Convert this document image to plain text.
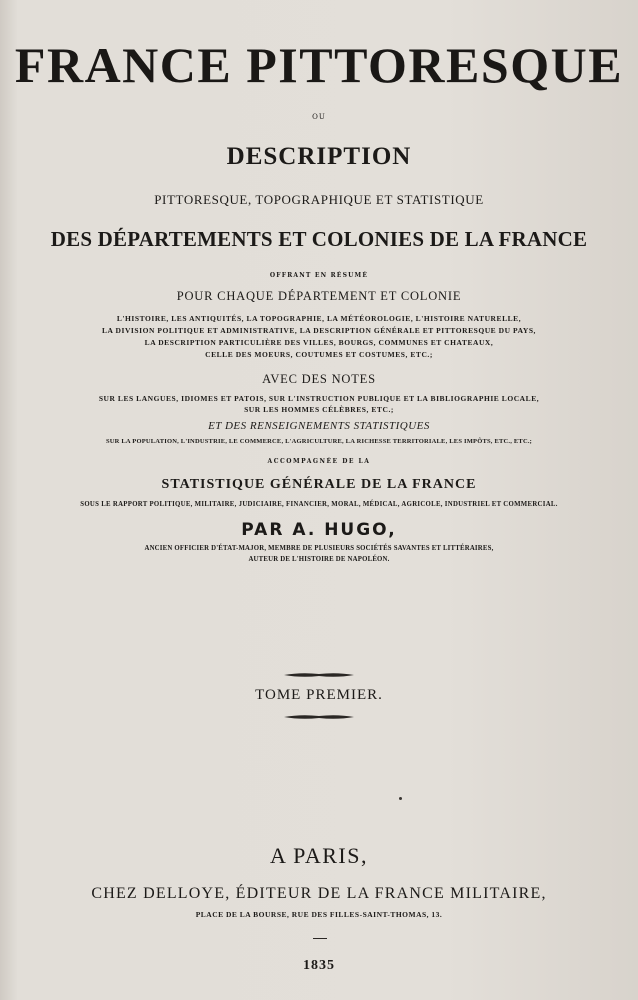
FRANCE PITTORESQUE
OU
DESCRIPTION
PITTORESQUE, TOPOGRAPHIQUE ET STATISTIQUE
DES DÉPARTEMENTS ET COLONIES DE LA FRANCE
OFFRANT EN RÉSUMÉ
POUR CHAQUE DÉPARTEMENT ET COLONIE
L'HISTOIRE, LES ANTIQUITÉS, LA TOPOGRAPHIE, LA MÉTÉOROLOGIE, L'HISTOIRE NATURELLE,
LA DIVISION POLITIQUE ET ADMINISTRATIVE, LA DESCRIPTION GÉNÉRALE ET PITTORESQUE DU PAYS,
LA DESCRIPTION PARTICULIÈRE DES VILLES, BOURGS, COMMUNES ET CHATEAUX,
CELLE DES MOEURS, COUTUMES ET COSTUMES, ETC.;
AVEC DES NOTES
SUR LES LANGUES, IDIOMES ET PATOIS, SUR L'INSTRUCTION PUBLIQUE ET LA BIBLIOGRAPHIE LOCALE,
SUR LES HOMMES CÉLÈBRES, ETC.;
ET DES RENSEIGNEMENTS STATISTIQUES
SUR LA POPULATION, L'INDUSTRIE, LE COMMERCE, L'AGRICULTURE, LA RICHESSE TERRITORIALE, LES IMPÔTS, ETC., ETC.;
ACCOMPAGNÉE DE LA
STATISTIQUE GÉNÉRALE DE LA FRANCE
SOUS LE RAPPORT POLITIQUE, MILITAIRE, JUDICIAIRE, FINANCIER, MORAL, MÉDICAL, AGRICOLE, INDUSTRIEL ET COMMERCIAL.
PAR A. HUGO,
ANCIEN OFFICIER D'ÉTAT-MAJOR, MEMBRE DE PLUSIEURS SOCIÉTÉS SAVANTES ET LITTÉRAIRES,
AUTEUR DE L'HISTOIRE DE NAPOLÉON.
TOME PREMIER.
A PARIS,
CHEZ DELLOYE, ÉDITEUR DE LA FRANCE MILITAIRE,
PLACE DE LA BOURSE, RUE DES FILLES-SAINT-THOMAS, 13.
1835
